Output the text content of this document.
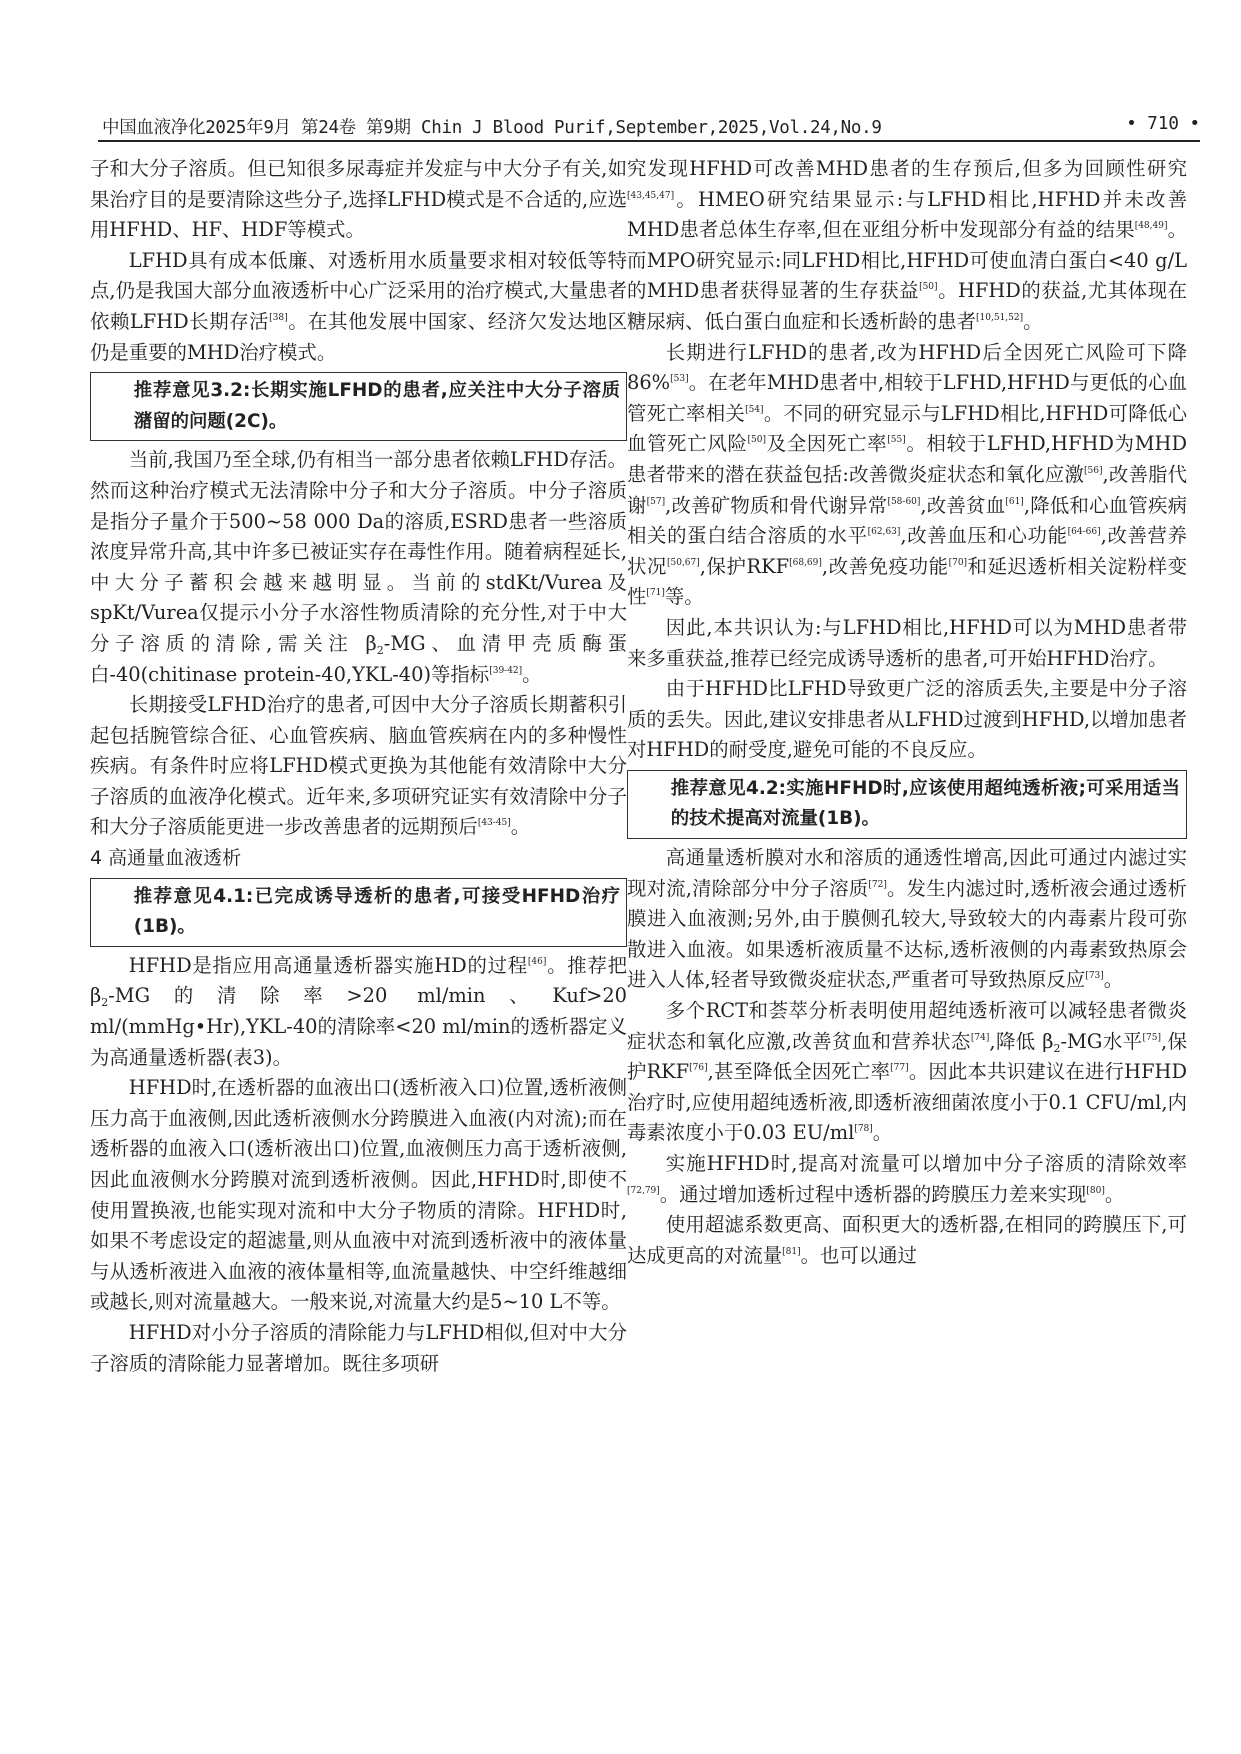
中国血液净化2025年9月 第24卷 第9期 Chin J Blood Purif,September,2025,Vol.24,No.9	• 710 •

子和大分子溶质。但已知很多尿毒症并发症与中大分子有关,如果治疗目的是要清除这些分子,选择LFHD模式是不合适的,应选用HFHD、HF、HDF等模式。

LFHD具有成本低廉、对透析用水质量要求相对较低等特点,仍是我国大部分血液透析中心广泛采用的治疗模式,大量患者依赖LFHD长期存活[38]。在其他发展中国家、经济欠发达地区仍是重要的MHD治疗模式。

推荐意见3.2:长期实施LFHD的患者,应关注中大分子溶质潴留的问题(2C)。

当前,我国乃至全球,仍有相当一部分患者依赖LFHD存活。然而这种治疗模式无法清除中分子和大分子溶质。中分子溶质是指分子量介于500~58 000 Da的溶质,ESRD患者一些溶质浓度异常升高,其中许多已被证实存在毒性作用。随着病程延长,中大分子蓄积会越来越明显。当前的stdKt/Vurea及spKt/Vurea仅提示小分子水溶性物质清除的充分性,对于中大分子溶质的清除,需关注 $\beta_2-MG$、血清甲壳质酶蛋白-40(chitinase protein-40,YKL-40)等指标[39-42]。

长期接受LFHD治疗的患者,可因中大分子溶质长期蓄积引起包括腕管综合征、心血管疾病、脑血管疾病在内的多种慢性疾病。有条件时应将LFHD模式更换为其他能有效清除中大分子溶质的血液净化模式。近年来,多项研究证实有效清除中分子和大分子溶质能更进一步改善患者的远期预后[43-45]。

4 高通量血液透析

推荐意见4.1:已完成诱导透析的患者,可接受HFHD治疗(1B)。

HFHD是指应用高通量透析器实施HD的过程[46]。推荐把 $\beta_2-MG$的清除率>20 ml/min、Kuf>20 ml/(mmHg•Hr),YKL-40的清除率<20 ml/min的透析器定义为高通量透析器(表3)。

HFHD时,在透析器的血液出口(透析液入口)位置,透析液侧压力高于血液侧,因此透析液侧水分跨膜进入血液(内对流);而在透析器的血液入口(透析液出口)位置,血液侧压力高于透析液侧,因此血液侧水分跨膜对流到透析液侧。因此,HFHD时,即使不使用置换液,也能实现对流和中大分子物质的清除。HFHD时,如果不考虑设定的超滤量,则从血液中对流到透析液中的液体量与从透析液进入血液的液体量相等,血流量越快、中空纤维越细或越长,则对流量越大。一般来说,对流量大约是5~10 L不等。

HFHD对小分子溶质的清除能力与LFHD相似,但对中大分子溶质的清除能力显著增加。既往多项研

究发现HFHD可改善MHD患者的生存预后,但多为回顾性研究[43,45,47]。HMEO研究结果显示:与LFHD相比,HFHD并未改善MHD患者总体生存率,但在亚组分析中发现部分有益的结果[48,49]。而MPO研究显示:同LFHD相比,HFHD可使血清白蛋白<40 g/L的MHD患者获得显著的生存获益[50]。HFHD的获益,尤其体现在糖尿病、低白蛋白血症和长透析龄的患者[10,51,52]。

长期进行LFHD的患者,改为HFHD后全因死亡风险可下降86%[53]。在老年MHD患者中,相较于LFHD,HFHD与更低的心血管死亡率相关[54]。不同的研究显示与LFHD相比,HFHD可降低心血管死亡风险[50]及全因死亡率[55]。相较于LFHD,HFHD为MHD患者带来的潜在获益包括:改善微炎症状态和氧化应激[56],改善脂代谢[57],改善矿物质和骨代谢异常[58-60],改善贫血[61],降低和心血管疾病相关的蛋白结合溶质的水平[62,63],改善血压和心功能[64-66],改善营养状况[50,67],保护RKF[68,69],改善免疫功能[70]和延迟透析相关淀粉样变性[71]等。

因此,本共识认为:与LFHD相比,HFHD可以为MHD患者带来多重获益,推荐已经完成诱导透析的患者,可开始HFHD治疗。

由于HFHD比LFHD导致更广泛的溶质丢失,主要是中分子溶质的丢失。因此,建议安排患者从LFHD过渡到HFHD,以增加患者对HFHD的耐受度,避免可能的不良反应。

推荐意见4.2:实施HFHD时,应该使用超纯透析液;可采用适当的技术提高对流量(1B)。

高通量透析膜对水和溶质的通透性增高,因此可通过内滤过实现对流,清除部分中分子溶质[72]。发生内滤过时,透析液会通过透析膜进入血液测;另外,由于膜侧孔较大,导致较大的内毒素片段可弥散进入血液。如果透析液质量不达标,透析液侧的内毒素致热原会进入人体,轻者导致微炎症状态,严重者可导致热原反应[73]。

多个RCT和荟萃分析表明使用超纯透析液可以减轻患者微炎症状态和氧化应激,改善贫血和营养状态[74],降低 $\beta_2-MG$水平[75],保护RKF[76],甚至降低全因死亡率[77]。因此本共识建议在进行HFHD治疗时,应使用超纯透析液,即透析液细菌浓度小于0.1 CFU/ml,内毒素浓度小于0.03 EU/ml[78]。

实施HFHD时,提高对流量可以增加中分子溶质的清除效率[72,79]。通过增加透析过程中透析器的跨膜压力差来实现[80]。

使用超滤系数更高、面积更大的透析器,在相同的跨膜压下,可达成更高的对流量[81]。也可以通过
